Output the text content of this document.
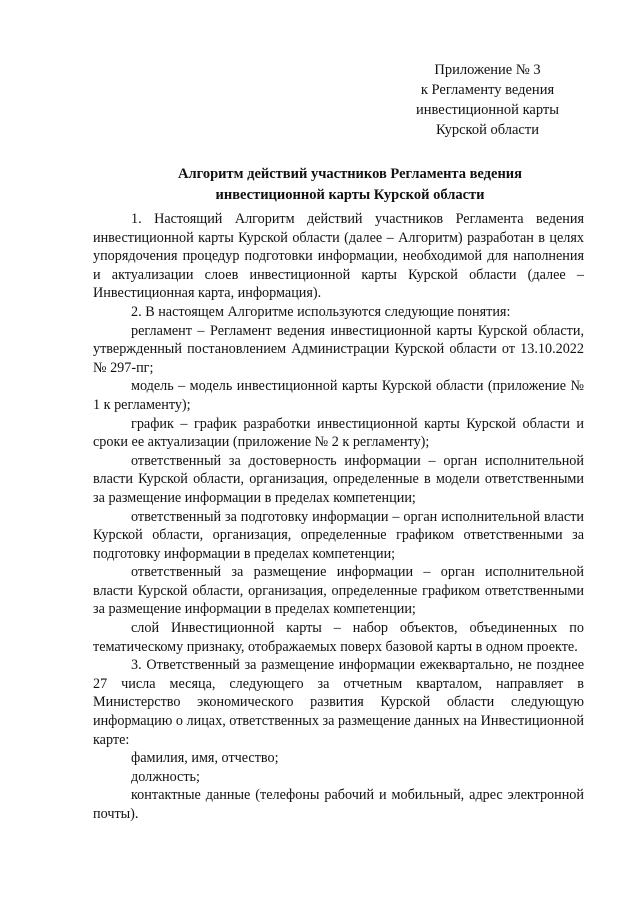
Приложение № 3
к Регламенту ведения
инвестиционной карты
Курской области
Алгоритм действий участников Регламента ведения
инвестиционной карты Курской области

1. Настоящий Алгоритм действий участников Регламента ведения инвестиционной карты Курской области (далее – Алгоритм) разработан в целях упорядочения процедур подготовки информации, необходимой для наполнения и актуализации слоев инвестиционной карты Курской области (далее – Инвестиционная карта, информация).

2. В настоящем Алгоритме используются следующие понятия:

регламент – Регламент ведения инвестиционной карты Курской области, утвержденный постановлением Администрации Курской области от 13.10.2022 № 297-пг;

модель – модель инвестиционной карты Курской области (приложение № 1 к регламенту);

график – график разработки инвестиционной карты Курской области и сроки ее актуализации (приложение № 2 к регламенту);

ответственный за достоверность информации – орган исполнительной власти Курской области, организация, определенные в модели ответственными за размещение информации в пределах компетенции;

ответственный за подготовку информации – орган исполнительной власти Курской области, организация, определенные графиком ответственными за подготовку информации в пределах компетенции;

ответственный за размещение информации – орган исполнительной власти Курской области, организация, определенные графиком ответственными за размещение информации в пределах компетенции;

слой Инвестиционной карты – набор объектов, объединенных по тематическому признаку, отображаемых поверх базовой карты в одном проекте.

3. Ответственный за размещение информации ежеквартально, не позднее 27 числа месяца, следующего за отчетным кварталом, направляет в Министерство экономического развития Курской области следующую информацию о лицах, ответственных за размещение данных на Инвестиционной карте:

фамилия, имя, отчество;

должность;

контактные данные (телефоны рабочий и мобильный, адрес электронной почты).
